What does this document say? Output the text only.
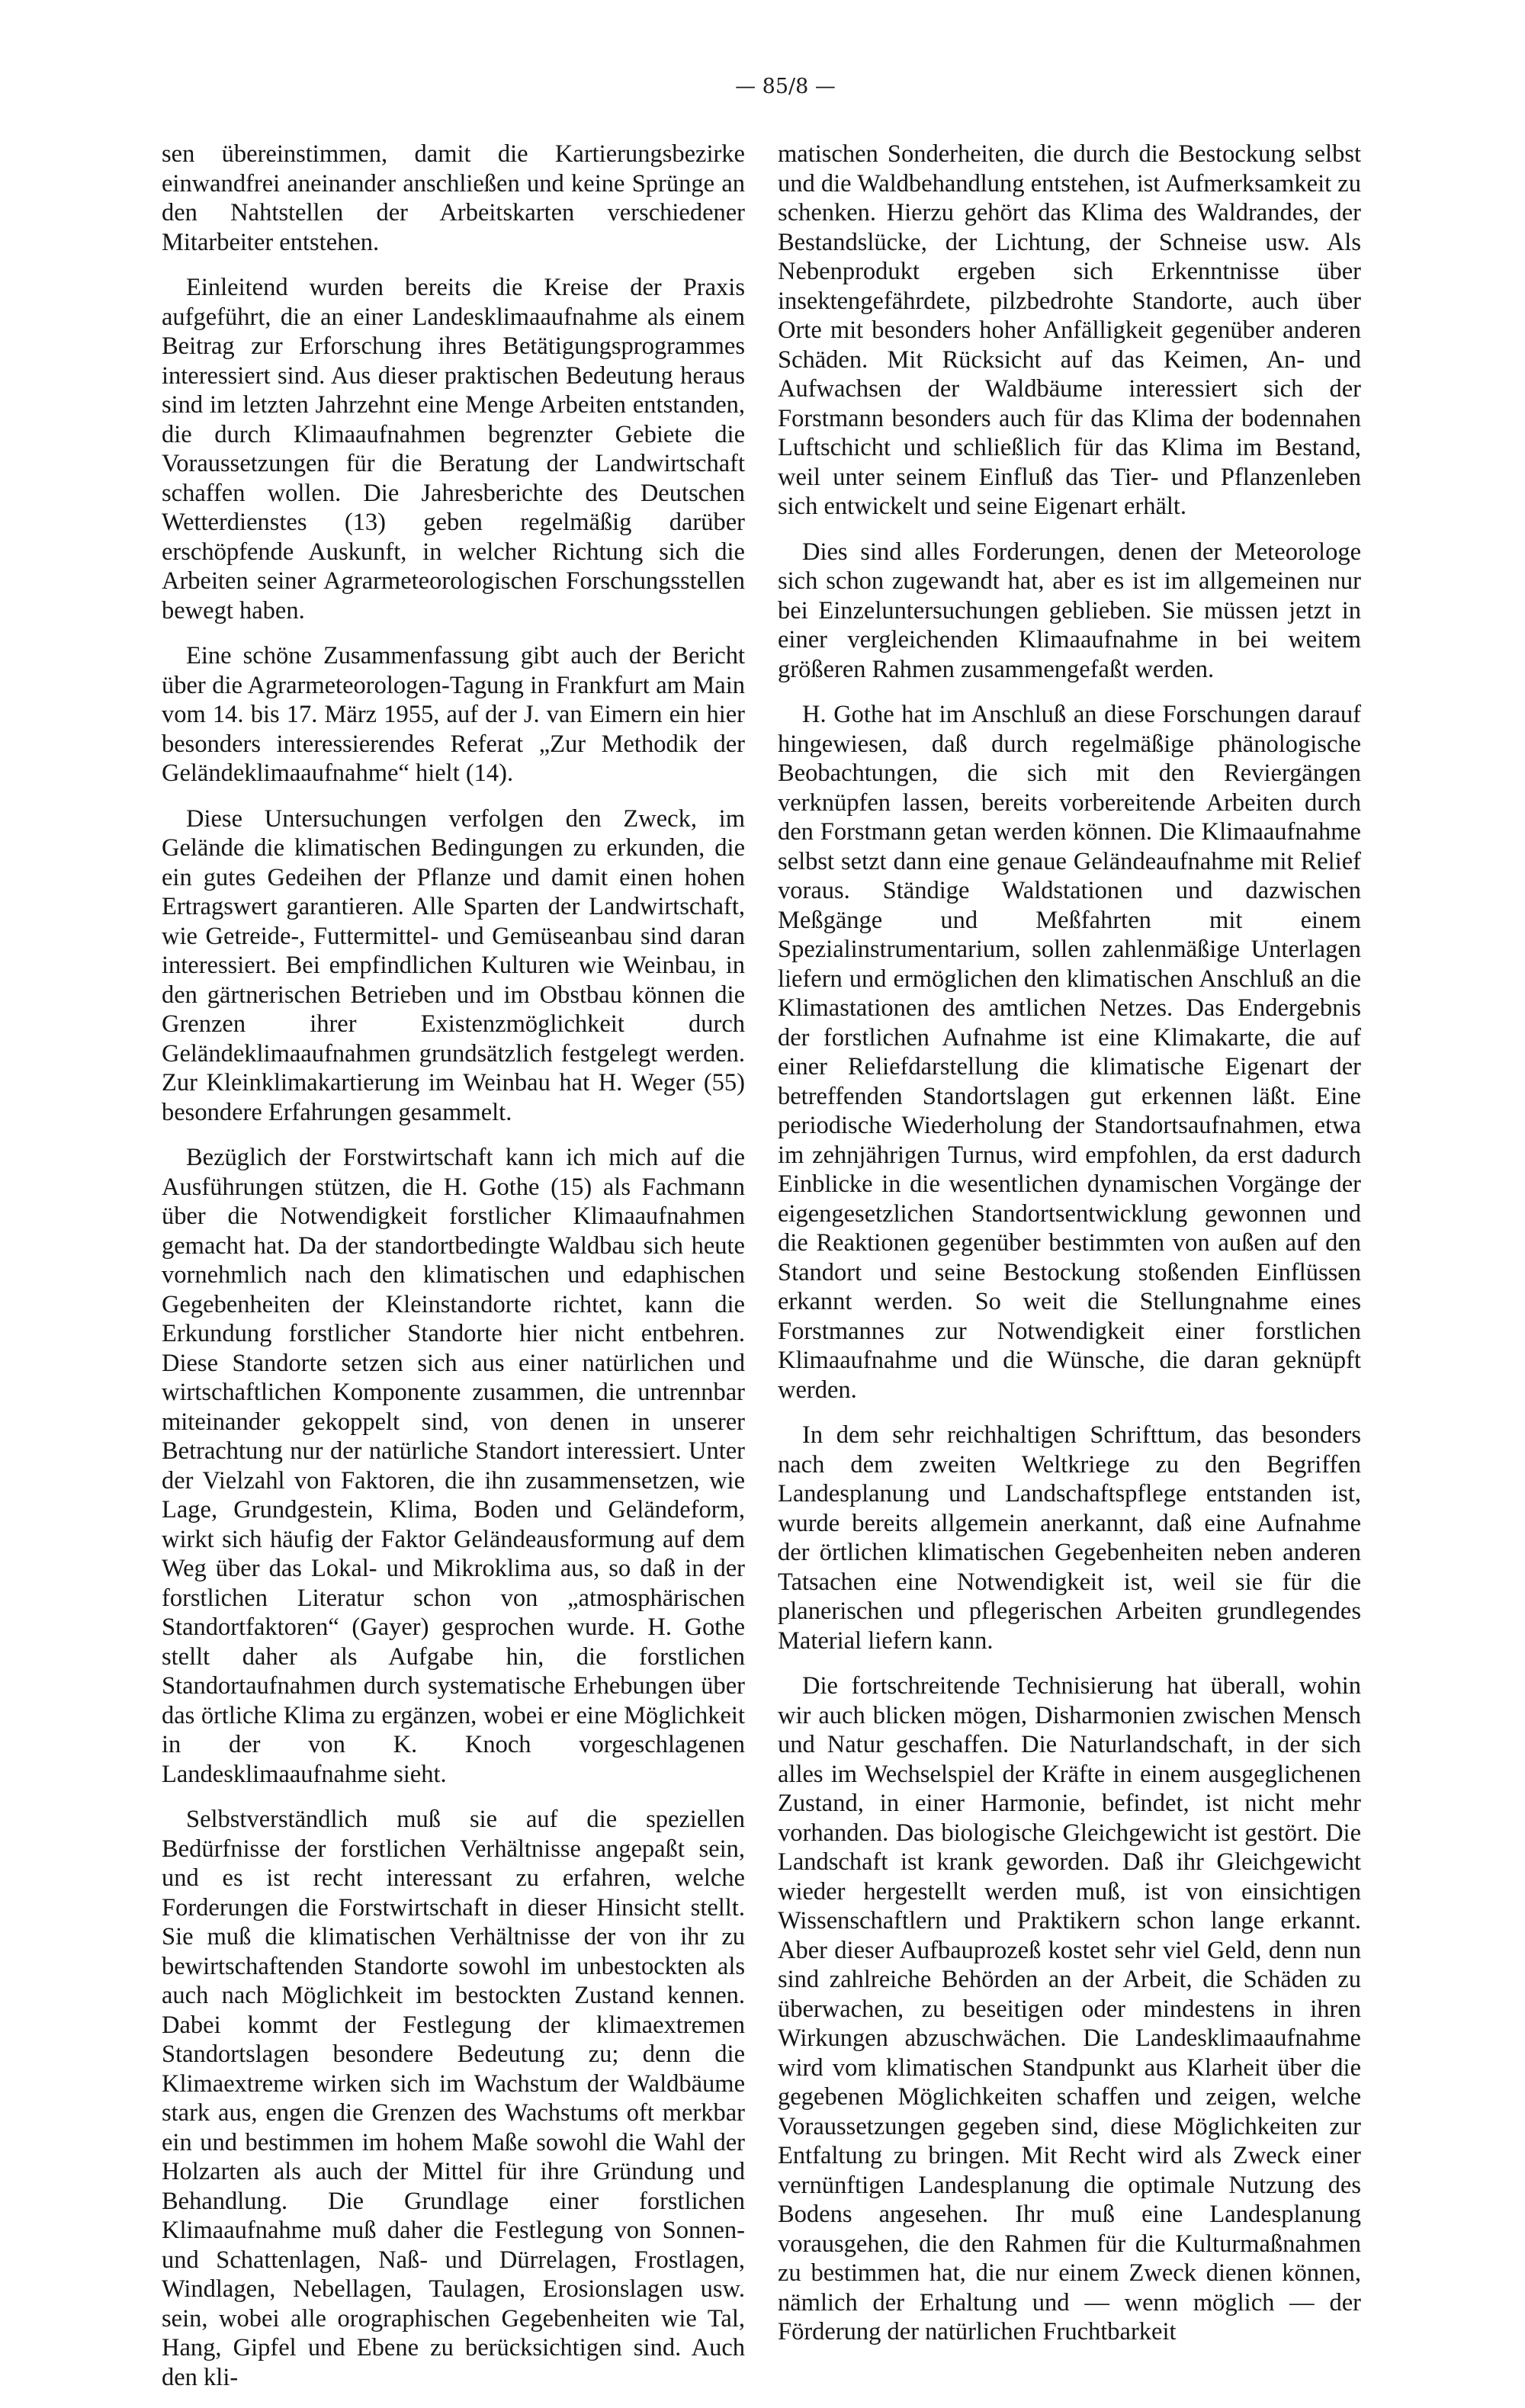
— 85/8 —

sen übereinstimmen, damit die Kartierungsbezirke einwandfrei aneinander anschließen und keine Sprünge an den Nahtstellen der Arbeitskarten verschiedener Mitarbeiter entstehen.

Einleitend wurden bereits die Kreise der Praxis aufgeführt, die an einer Landesklimaaufnahme als einem Beitrag zur Erforschung ihres Betätigungsprogrammes interessiert sind. Aus dieser praktischen Bedeutung heraus sind im letzten Jahrzehnt eine Menge Arbeiten entstanden, die durch Klimaaufnahmen begrenzter Gebiete die Voraussetzungen für die Beratung der Landwirtschaft schaffen wollen. Die Jahresberichte des Deutschen Wetterdienstes (13) geben regelmäßig darüber erschöpfende Auskunft, in welcher Richtung sich die Arbeiten seiner Agrarmeteorologischen Forschungsstellen bewegt haben.

Eine schöne Zusammenfassung gibt auch der Bericht über die Agrarmeteorologen-Tagung in Frankfurt am Main vom 14. bis 17. März 1955, auf der J. van Eimern ein hier besonders interessierendes Referat „Zur Methodik der Geländeklimaaufnahme“ hielt (14).

Diese Untersuchungen verfolgen den Zweck, im Gelände die klimatischen Bedingungen zu erkunden, die ein gutes Gedeihen der Pflanze und damit einen hohen Ertragswert garantieren. Alle Sparten der Landwirtschaft, wie Getreide-, Futtermittel- und Gemüseanbau sind daran interessiert. Bei empfindlichen Kulturen wie Weinbau, in den gärtnerischen Betrieben und im Obstbau können die Grenzen ihrer Existenzmöglichkeit durch Geländeklimaaufnahmen grundsätzlich festgelegt werden. Zur Kleinklimakartierung im Weinbau hat H. Weger (55) besondere Erfahrungen gesammelt.

Bezüglich der Forstwirtschaft kann ich mich auf die Ausführungen stützen, die H. Gothe (15) als Fachmann über die Notwendigkeit forstlicher Klimaaufnahmen gemacht hat. Da der standortbedingte Waldbau sich heute vornehmlich nach den klimatischen und edaphischen Gegebenheiten der Kleinstandorte richtet, kann die Erkundung forstlicher Standorte hier nicht entbehren. Diese Standorte setzen sich aus einer natürlichen und wirtschaftlichen Komponente zusammen, die untrennbar miteinander gekoppelt sind, von denen in unserer Betrachtung nur der natürliche Standort interessiert. Unter der Vielzahl von Faktoren, die ihn zusammensetzen, wie Lage, Grundgestein, Klima, Boden und Geländeform, wirkt sich häufig der Faktor Geländeausformung auf dem Weg über das Lokal- und Mikroklima aus, so daß in der forstlichen Literatur schon von „atmosphärischen Standortfaktoren“ (Gayer) gesprochen wurde. H. Gothe stellt daher als Aufgabe hin, die forstlichen Standortaufnahmen durch systematische Erhebungen über das örtliche Klima zu ergänzen, wobei er eine Möglichkeit in der von K. Knoch vorgeschlagenen Landesklimaaufnahme sieht.

Selbstverständlich muß sie auf die speziellen Bedürfnisse der forstlichen Verhältnisse angepaßt sein, und es ist recht interessant zu erfahren, welche Forderungen die Forstwirtschaft in dieser Hinsicht stellt. Sie muß die klimatischen Verhältnisse der von ihr zu bewirtschaftenden Standorte sowohl im unbestockten als auch nach Möglichkeit im bestockten Zustand kennen. Dabei kommt der Festlegung der klimaextremen Standortslagen besondere Bedeutung zu; denn die Klimaextreme wirken sich im Wachstum der Waldbäume stark aus, engen die Grenzen des Wachstums oft merkbar ein und bestimmen im hohem Maße sowohl die Wahl der Holzarten als auch der Mittel für ihre Gründung und Behandlung. Die Grundlage einer forstlichen Klimaaufnahme muß daher die Festlegung von Sonnen- und Schattenlagen, Naß- und Dürrelagen, Frostlagen, Windlagen, Nebellagen, Taulagen, Erosionslagen usw. sein, wobei alle orographischen Gegebenheiten wie Tal, Hang, Gipfel und Ebene zu berücksichtigen sind. Auch den kli-

matischen Sonderheiten, die durch die Bestockung selbst und die Waldbehandlung entstehen, ist Aufmerksamkeit zu schenken. Hierzu gehört das Klima des Waldrandes, der Bestandslücke, der Lichtung, der Schneise usw. Als Nebenprodukt ergeben sich Erkenntnisse über insektengefährdete, pilzbedrohte Standorte, auch über Orte mit besonders hoher Anfälligkeit gegenüber anderen Schäden. Mit Rücksicht auf das Keimen, An- und Aufwachsen der Waldbäume interessiert sich der Forstmann besonders auch für das Klima der bodennahen Luftschicht und schließlich für das Klima im Bestand, weil unter seinem Einfluß das Tier- und Pflanzenleben sich entwickelt und seine Eigenart erhält.

Dies sind alles Forderungen, denen der Meteorologe sich schon zugewandt hat, aber es ist im allgemeinen nur bei Einzeluntersuchungen geblieben. Sie müssen jetzt in einer vergleichenden Klimaaufnahme in bei weitem größeren Rahmen zusammengefaßt werden.

H. Gothe hat im Anschluß an diese Forschungen darauf hingewiesen, daß durch regelmäßige phänologische Beobachtungen, die sich mit den Reviergängen verknüpfen lassen, bereits vorbereitende Arbeiten durch den Forstmann getan werden können. Die Klimaaufnahme selbst setzt dann eine genaue Geländeaufnahme mit Relief voraus. Ständige Waldstationen und dazwischen Meßgänge und Meßfahrten mit einem Spezialinstrumentarium, sollen zahlenmäßige Unterlagen liefern und ermöglichen den klimatischen Anschluß an die Klimastationen des amtlichen Netzes. Das Endergebnis der forstlichen Aufnahme ist eine Klimakarte, die auf einer Reliefdarstellung die klimatische Eigenart der betreffenden Standortslagen gut erkennen läßt. Eine periodische Wiederholung der Standortsaufnahmen, etwa im zehnjährigen Turnus, wird empfohlen, da erst dadurch Einblicke in die wesentlichen dynamischen Vorgänge der eigengesetzlichen Standortsentwicklung gewonnen und die Reaktionen gegenüber bestimmten von außen auf den Standort und seine Bestockung stoßenden Einflüssen erkannt werden. So weit die Stellungnahme eines Forstmannes zur Notwendigkeit einer forstlichen Klimaaufnahme und die Wünsche, die daran geknüpft werden.

In dem sehr reichhaltigen Schrifttum, das besonders nach dem zweiten Weltkriege zu den Begriffen Landesplanung und Landschaftspflege entstanden ist, wurde bereits allgemein anerkannt, daß eine Aufnahme der örtlichen klimatischen Gegebenheiten neben anderen Tatsachen eine Notwendigkeit ist, weil sie für die planerischen und pflegerischen Arbeiten grundlegendes Material liefern kann.

Die fortschreitende Technisierung hat überall, wohin wir auch blicken mögen, Disharmonien zwischen Mensch und Natur geschaffen. Die Naturlandschaft, in der sich alles im Wechselspiel der Kräfte in einem ausgeglichenen Zustand, in einer Harmonie, befindet, ist nicht mehr vorhanden. Das biologische Gleichgewicht ist gestört. Die Landschaft ist krank geworden. Daß ihr Gleichgewicht wieder hergestellt werden muß, ist von einsichtigen Wissenschaftlern und Praktikern schon lange erkannt. Aber dieser Aufbauprozeß kostet sehr viel Geld, denn nun sind zahlreiche Behörden an der Arbeit, die Schäden zu überwachen, zu beseitigen oder mindestens in ihren Wirkungen abzuschwächen. Die Landesklimaaufnahme wird vom klimatischen Standpunkt aus Klarheit über die gegebenen Möglichkeiten schaffen und zeigen, welche Voraussetzungen gegeben sind, diese Möglichkeiten zur Entfaltung zu bringen. Mit Recht wird als Zweck einer vernünftigen Landesplanung die optimale Nutzung des Bodens angesehen. Ihr muß eine Landesplanung vorausgehen, die den Rahmen für die Kulturmaßnahmen zu bestimmen hat, die nur einem Zweck dienen können, nämlich der Erhaltung und — wenn möglich — der Förderung der natürlichen Fruchtbarkeit
